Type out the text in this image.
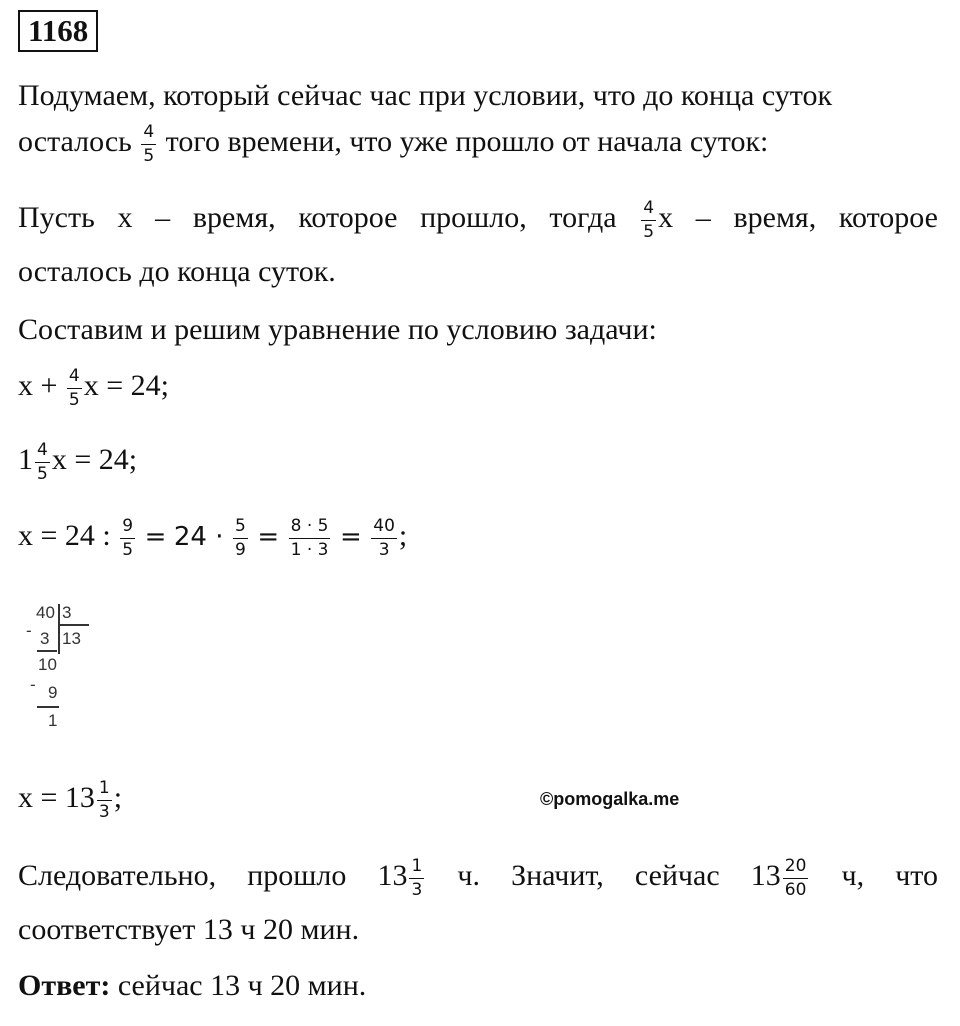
1168
Подумаем, который сейчас час при условии, что до конца суток
осталось $\frac{4}{5}$ того времени, что уже прошло от начала суток:
Пусть x – время, которое прошло, тогда $\frac{4}{5}$ x – время, которое
осталось до конца суток.
Составим и решим уравнение по условию задачи:
$x + \frac{4}{5}$ x = 24;
$1 \frac{4}{5}$ x = 24;
x = 24 : $\frac{9}{5} = 24 \cdot \frac{5}{9} = \frac{8 \cdot 5}{1 \cdot 3} = \frac{40}{3}$ ;
40 3
13
- 3
10
- 9
1
$x = 13 \frac{1}{3}$ ;	©pomogalka.me
Следовательно, прошло $13 \frac{1}{3} ч$. Значит, сейчас $13 \frac{20}{60} ч$, что
соответствует 13 ч 20 мин.
Ответ: сейчас 13 ч 20 мин.
